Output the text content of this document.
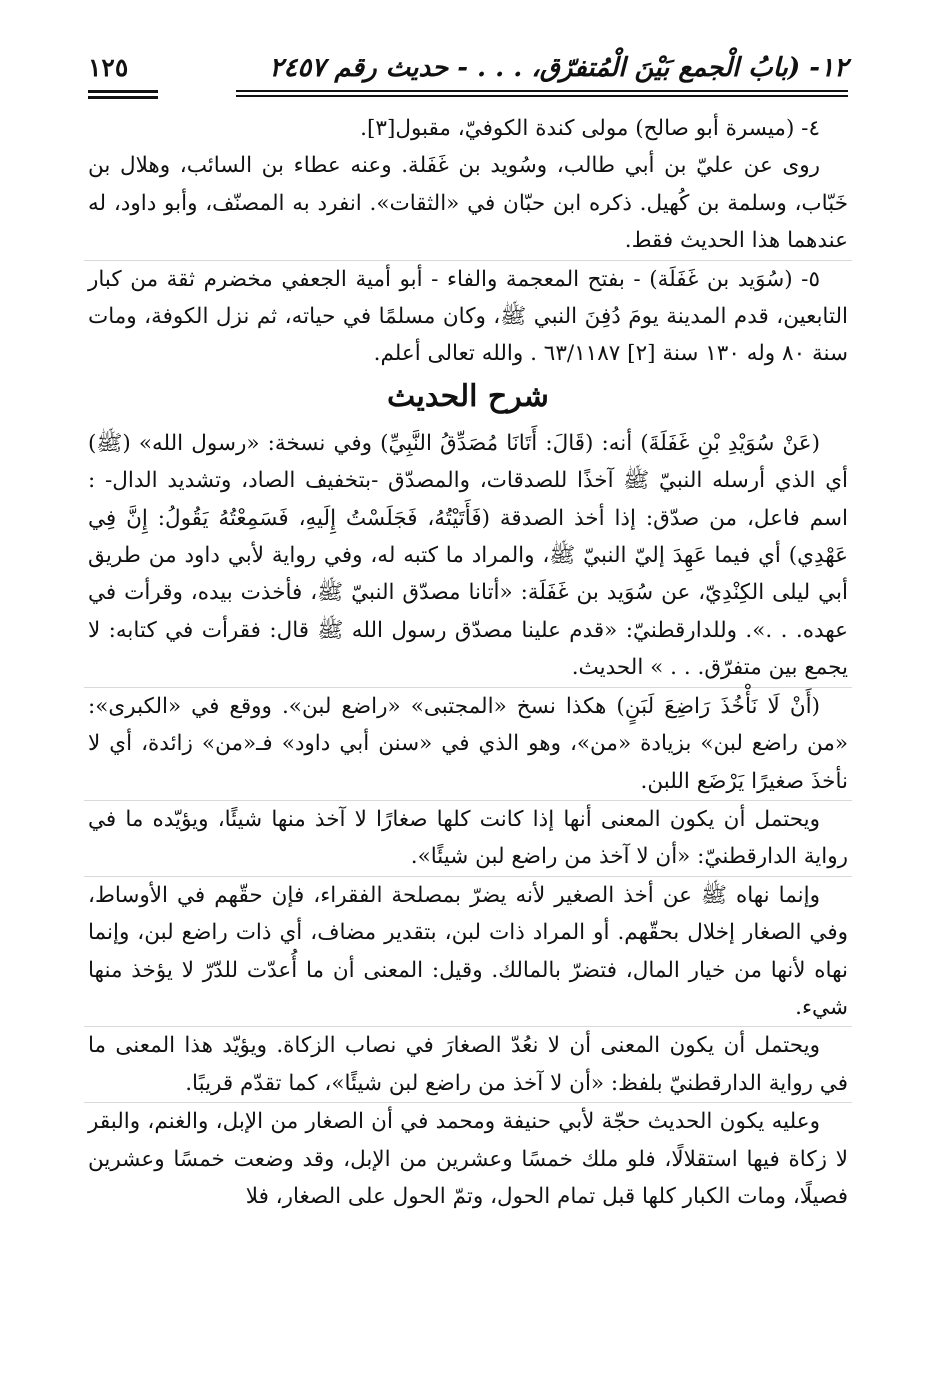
١٢- (بابُ الْجمع بَيْنَ الْمُتفرّق، . . . - حديث رقم ٢٤٥٧
١٢٥

٤- (ميسرة أبو صالح) مولى كندة الكوفيّ، مقبول[٣].

روى عن عليّ بن أبي طالب، وسُويد بن غَفَلة. وعنه عطاء بن السائب، وهلال بن خَبّاب، وسلمة بن كُهيل. ذكره ابن حبّان في «الثقات». انفرد به المصنّف، وأبو داود، له عندهما هذا الحديث فقط.

٥- (سُوَيد بن غَفَلَة) - بفتح المعجمة والفاء - أبو أمية الجعفي مخضرم ثقة من كبار التابعين، قدم المدينة يومَ دُفِنَ النبي ﷺ، وكان مسلمًا في حياته، ثم نزل الكوفة، ومات سنة ٨٠ وله ١٣٠ سنة [٢] ٦٣/١١٨٧ . والله تعالى أعلم.

شرح الحديث

(عَنْ سُوَيْدِ بْنِ غَفَلَةَ) أنه: (قَالَ: أَتَانَا مُصَدِّقُ النَّبِيِّ) وفي نسخة: «رسول الله» (ﷺ) أي الذي أرسله النبيّ ﷺ آخذًا للصدقات، والمصدّق -بتخفيف الصاد، وتشديد الدال- : اسم فاعل، من صدّق: إذا أخذ الصدقة (فَأَتَيْتُهُ، فَجَلَسْتُ إِلَيهِ، فَسَمِعْتُهُ يَقُولُ: إِنَّ فِي عَهْدِي) أي فيما عَهِدَ إليّ النبيّ ﷺ، والمراد ما كتبه له، وفي رواية لأبي داود من طريق أبي ليلى الكِنْدِيّ، عن سُوَيد بن غَفَلَة: «أتانا مصدّق النبيّ ﷺ، فأخذت بيده، وقرأت في عهده. . .». وللدارقطنيّ: «قدم علينا مصدّق رسول الله ﷺ قال: فقرأت في كتابه: لا يجمع بين متفرّق. . . » الحديث.

(أَنْ لَا نَأْخُذَ رَاضِعَ لَبَنٍ) هكذا نسخ «المجتبى» «راضع لبن». ووقع في «الكبرى»: «من راضع لبن» بزيادة «من»، وهو الذي في «سنن أبي داود» فـ«من» زائدة، أي لا نأخذَ صغيرًا يَرْضَع اللبن.

ويحتمل أن يكون المعنى أنها إذا كانت كلها صغارًا لا آخذ منها شيئًا، ويؤيّده ما في رواية الدارقطنيّ: «أن لا آخذ من راضع لبن شيئًا».

وإنما نهاه ﷺ عن أخذ الصغير لأنه يضرّ بمصلحة الفقراء، فإن حقّهم في الأوساط، وفي الصغار إخلال بحقّهم. أو المراد ذات لبن، بتقدير مضاف، أي ذات راضع لبن، وإنما نهاه لأنها من خيار المال، فتضرّ بالمالك. وقيل: المعنى أن ما أُعدّت للدّرّ لا يؤخذ منها شيء.

ويحتمل أن يكون المعنى أن لا نعُدّ الصغارَ في نصاب الزكاة. ويؤيّد هذا المعنى ما في رواية الدارقطنيّ بلفظ: «أن لا آخذ من راضع لبن شيئًا»، كما تقدّم قريبًا.

وعليه يكون الحديث حجّة لأبي حنيفة ومحمد في أن الصغار من الإبل، والغنم، والبقر لا زكاة فيها استقلالًا، فلو ملك خمسًا وعشرين من الإبل، وقد وضعت خمسًا وعشرين فصيلًا، ومات الكبار كلها قبل تمام الحول، وتمّ الحول على الصغار، فلا
